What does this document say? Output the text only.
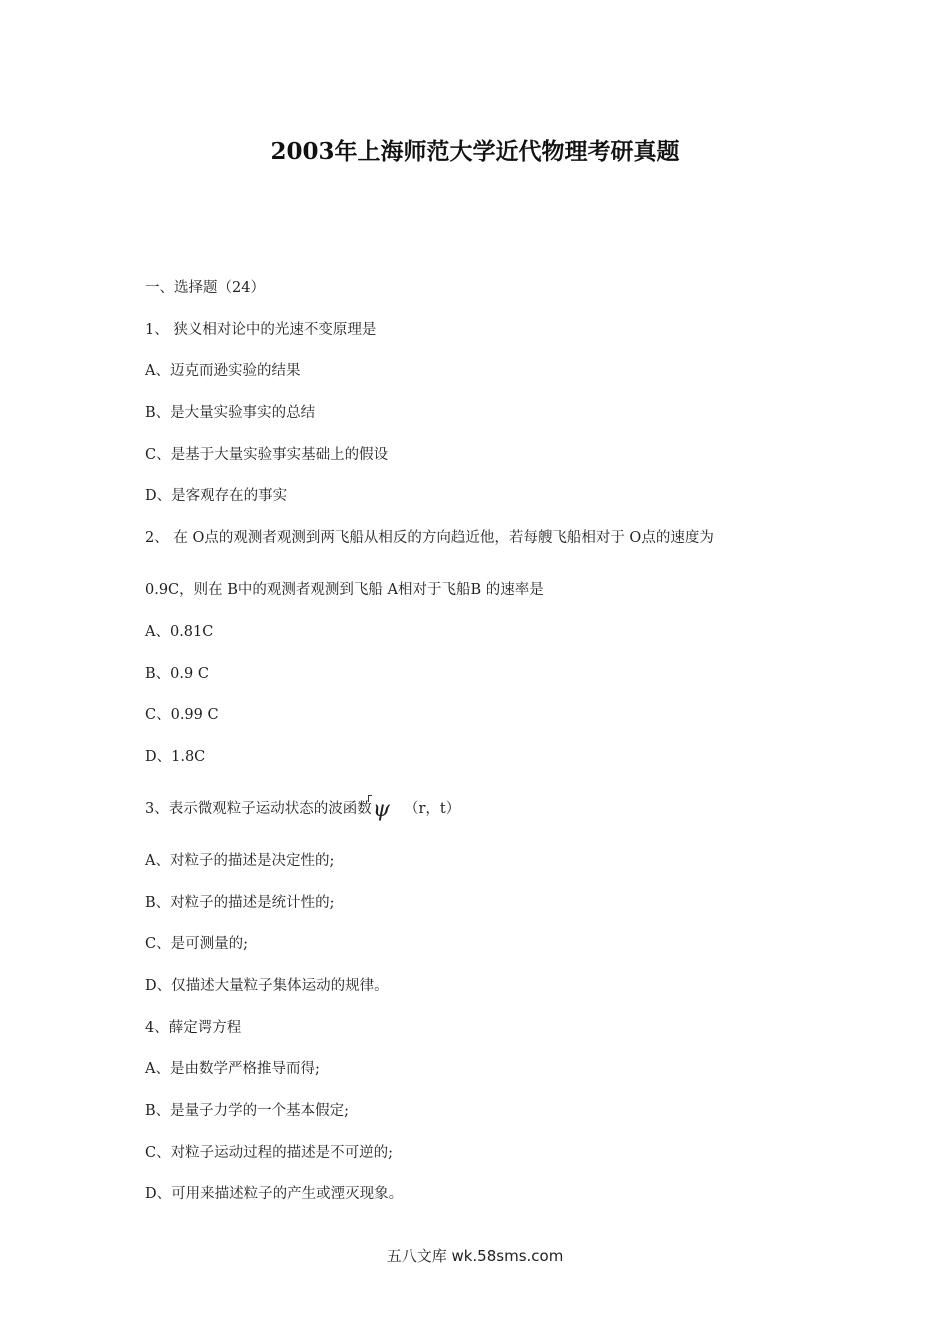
2003年上海师范大学近代物理考研真题
一、选择题（24）
1、 狭义相对论中的光速不变原理是
A、迈克而逊实验的结果
B、是大量实验事实的总结
C、是基于大量实验事实基础上的假设
D、是客观存在的事实
2、 在 O点的观测者观测到两飞船从相反的方向趋近他，若每艘飞船相对于 O点的速度为
0.9C，则在 B中的观测者观测到飞船 A相对于飞船B 的速率是
A、0.81C
B、0.9 C
C、0.99 C
D、1.8C
3、表示微观粒子运动状态的波函数ψ （r，t）
A、对粒子的描述是决定性的;
B、对粒子的描述是统计性的;
C、是可测量的;
D、仅描述大量粒子集体运动的规律。
4、薛定谔方程
A、是由数学严格推导而得;
B、是量子力学的一个基本假定;
C、对粒子运动过程的描述是不可逆的;
D、可用来描述粒子的产生或湮灭现象。
五八文库 wk.58sms.com
